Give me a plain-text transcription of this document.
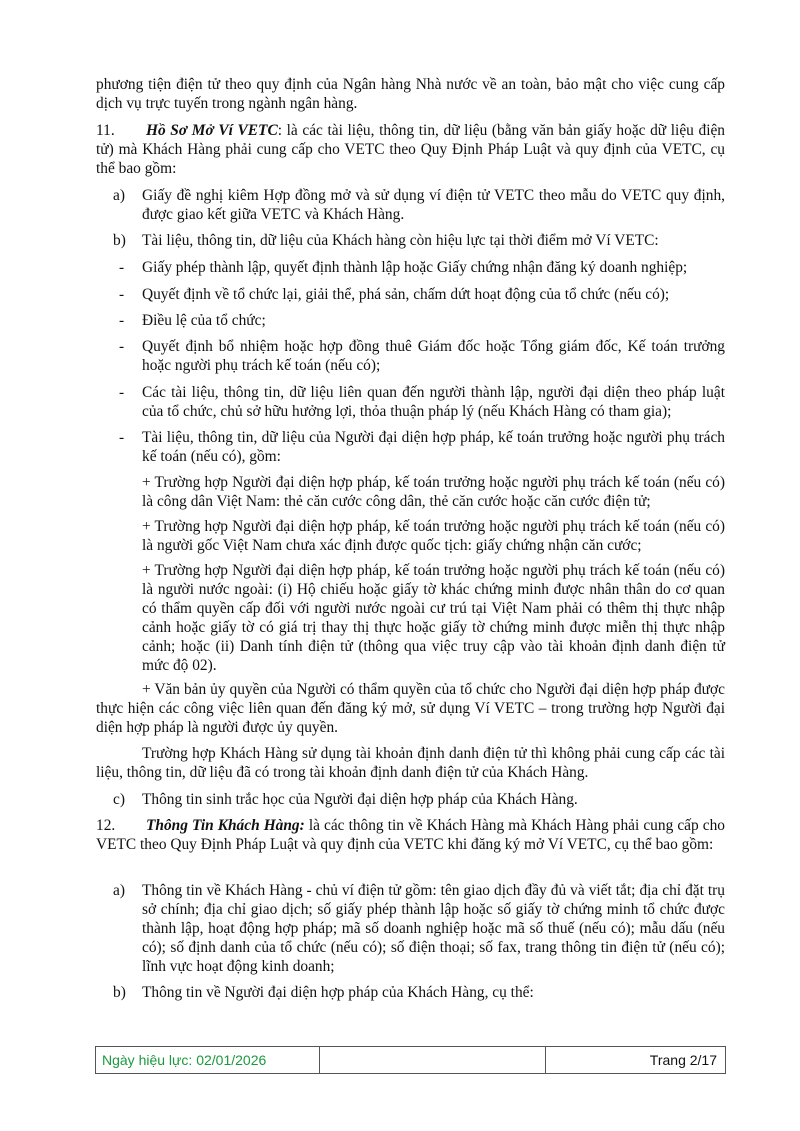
phương tiện điện tử theo quy định của Ngân hàng Nhà nước về an toàn, bảo mật cho việc cung cấp dịch vụ trực tuyến trong ngành ngân hàng.
11.	Hồ Sơ Mở Ví VETC: là các tài liệu, thông tin, dữ liệu (bằng văn bản giấy hoặc dữ liệu điện tử) mà Khách Hàng phải cung cấp cho VETC theo Quy Định Pháp Luật và quy định của VETC, cụ thể bao gồm:
a) Giấy đề nghị kiêm Hợp đồng mở và sử dụng ví điện tử VETC theo mẫu do VETC quy định, được giao kết giữa VETC và Khách Hàng.
b) Tài liệu, thông tin, dữ liệu của Khách hàng còn hiệu lực tại thời điểm mở Ví VETC:
- Giấy phép thành lập, quyết định thành lập hoặc Giấy chứng nhận đăng ký doanh nghiệp;
- Quyết định về tổ chức lại, giải thể, phá sản, chấm dứt hoạt động của tổ chức (nếu có);
- Điều lệ của tổ chức;
- Quyết định bổ nhiệm hoặc hợp đồng thuê Giám đốc hoặc Tổng giám đốc, Kế toán trưởng hoặc người phụ trách kế toán (nếu có);
- Các tài liệu, thông tin, dữ liệu liên quan đến người thành lập, người đại diện theo pháp luật của tổ chức, chủ sở hữu hưởng lợi, thỏa thuận pháp lý (nếu Khách Hàng có tham gia);
- Tài liệu, thông tin, dữ liệu của Người đại diện hợp pháp, kế toán trưởng hoặc người phụ trách kế toán (nếu có), gồm:
+ Trường hợp Người đại diện hợp pháp, kế toán trưởng hoặc người phụ trách kế toán (nếu có) là công dân Việt Nam: thẻ căn cước công dân, thẻ căn cước hoặc căn cước điện tử;
+ Trường hợp Người đại diện hợp pháp, kế toán trưởng hoặc người phụ trách kế toán (nếu có) là người gốc Việt Nam chưa xác định được quốc tịch: giấy chứng nhận căn cước;
+ Trường hợp Người đại diện hợp pháp, kế toán trưởng hoặc người phụ trách kế toán (nếu có) là người nước ngoài: (i) Hộ chiếu hoặc giấy tờ khác chứng minh được nhân thân do cơ quan có thẩm quyền cấp đối với người nước ngoài cư trú tại Việt Nam phải có thêm thị thực nhập cảnh hoặc giấy tờ có giá trị thay thị thực hoặc giấy tờ chứng minh được miễn thị thực nhập cảnh; hoặc (ii) Danh tính điện tử (thông qua việc truy cập vào tài khoản định danh điện tử mức độ 02).
+ Văn bản ủy quyền của Người có thẩm quyền của tổ chức cho Người đại diện hợp pháp được thực hiện các công việc liên quan đến đăng ký mở, sử dụng Ví VETC – trong trường hợp Người đại diện hợp pháp là người được ủy quyền.
Trường hợp Khách Hàng sử dụng tài khoản định danh điện tử thì không phải cung cấp các tài liệu, thông tin, dữ liệu đã có trong tài khoản định danh điện tử của Khách Hàng.
c) Thông tin sinh trắc học của Người đại diện hợp pháp của Khách Hàng.
12.	Thông Tin Khách Hàng: là các thông tin về Khách Hàng mà Khách Hàng phải cung cấp cho VETC theo Quy Định Pháp Luật và quy định của VETC khi đăng ký mở Ví VETC, cụ thể bao gồm:
a) Thông tin về Khách Hàng - chủ ví điện tử gồm: tên giao dịch đầy đủ và viết tắt; địa chỉ đặt trụ sở chính; địa chỉ giao dịch; số giấy phép thành lập hoặc số giấy tờ chứng minh tổ chức được thành lập, hoạt động hợp pháp; mã số doanh nghiệp hoặc mã số thuế (nếu có); mẫu dấu (nếu có); số định danh của tổ chức (nếu có); số điện thoại; số fax, trang thông tin điện tử (nếu có); lĩnh vực hoạt động kinh doanh;
b) Thông tin về Người đại diện hợp pháp của Khách Hàng, cụ thể:
Ngày hiệu lực: 02/01/2026	Trang 2/17
